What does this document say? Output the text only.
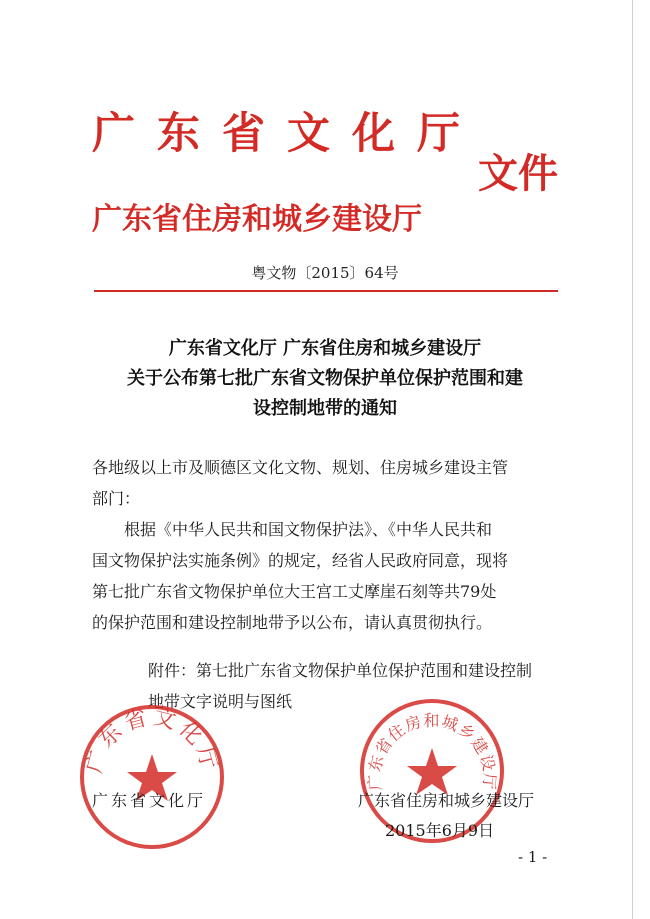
广东省文化厅
文件
广东省住房和城乡建设厅
粤文物〔2015〕64号
广东省文化厅 广东省住房和城乡建设厅
关于公布第七批广东省文物保护单位保护范围和建
设控制地带的通知
各地级以上市及顺德区文化文物、规划、住房城乡建设主管
部门：
　　根据《中华人民共和国文物保护法》、《中华人民共和
国文物保护法实施条例》的规定，经省人民政府同意，现将
第七批广东省文物保护单位大王宫工丈摩崖石刻等共79处
的保护范围和建设控制地带予以公布，请认真贯彻执行。
附件：第七批广东省文物保护单位保护范围和建设控制
地带文字说明与图纸
广东省文化厅
广东省住房和城乡建设厅
广东省文化厅	广东省住房和城乡建设厅
2015年6月9日
- 1 -
